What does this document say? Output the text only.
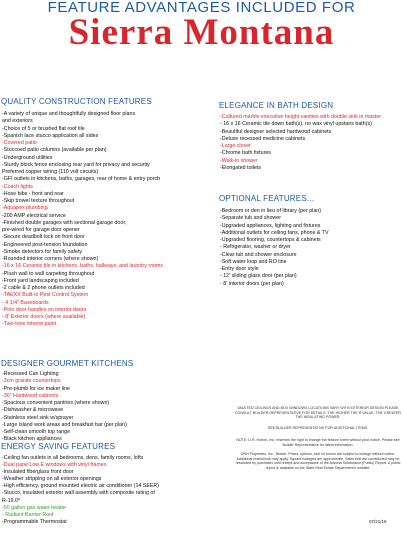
FEATURE ADVANTAGES INCLUDED FOR
Sierra Montana
QUALITY CONSTRUCTION FEATURES
-A variety of unique and thoughtfully designed floor plans
and exteriors
-Choice of 5 or brushed flat roof tile
-Spanish lace stucco application all sides
-Covered patio
-Stuccoed patio columns (available per plan)
-Underground utilities
-Sturdy block fence enclosing rear yard for privacy and security
Preferred copper wiring (110 volt circuits)
-GFI outlets in kitchens, baths, garages, rear of home & entry porch
-Coach lights
-Hose bibs - front and rear
-Skip trowel texture throughout
-Aquapex plumbing
-200 AMP electrical service
-Finished double garages with sectional garage door,
pre-wired for garage door opener
-Secure deadbolt lock on front door
-Engineered post-tension foundation
-Smoke detectors for family safety
-Rounded interior corners (where shown)
-16 x 16 Ceramic tile in kitchens, baths, hallways, and laundry rooms
-Plush wall to wall carpeting throughout
-Front yard landscaping included
-2 cable & 2 phone outlets included
-TAEXX Built-in Pest Control System
- 4 1/4" Baseboards
-Polo door handles on interior doors
- 8' Exterior doors (where available)
-Two-tone interior paint
DESIGNER GOURMET KITCHENS
-Recessed Can Lighting
-3cm granite countertops
-Pre-plumb for ice maker line
-36" Hardwood cabinets
-Spacious convenient pantries (where shown)
-Dishwasher & microwave
-Stainless steel sink w/sprayer
-Large island work areas and breakfast bar (per plan)
-Self-clean smooth top range
-Black kitchen appliances
ENERGY SAVING FEATURES
-Ceiling fan outlets in all bedrooms, dens, family rooms, lofts
-Dual pane Low E windows with vinyl frames
-Insulated fiberglass front door
-Weather stripping on all exterior openings
-High efficiency, ground mounted electric air conditioner (14 SEER)
-Stucco, insulated exterior wall assembly with composite rating of
R-19.0^
-50 gallon gas water heater
- Radiant Barrier Roof
-Programmable Thermostat
ELEGANCE IN BATH DESIGN
-Cultured marble executive height vanities with double sink in master
- 16 x 16 Ceramic tile down bath(s), no wax vinyl upstairs bath(s)
-Beautiful designer selected hardwood cabinets
-Deluxe recessed medicine cabinets
-Large closet
-Chrome bath fixtures
-Walk-in shower
-Elongated toilets
OPTIONAL FEATURES...
-Bedroom or den in lieu of library (per plan)
-Separate tub and shower
-Upgraded appliances, lighting and fixtures
-Additional outlets for ceiling fans, phone & TV
-Upgraded flooring, countertops & cabinets
- Refrigerator, washer or dryer
-Clear tub and shower enclosure
-Soft water loop and RO line
-Entry door style
- 12' sliding glass door (per plan)
- 8' interior doors (per plan)
VAULTED CEILINGS AND BOX WINDOWS LOCATIONS VARY WITH EXTERIOR DESIGN PLEASE CONSULT BUILDER REPRESENTATIVE FOR DETAILS. THE HIGHER THE R VALUE, THE GREATER THE INSULATING POWER.
SEE BUILDER REPRESENTATIVE FOR ADDITIONAL ITEMS.
NOTE: D.R. Horton, Inc. reserves the right to change the feature sheet without prior notice. Please see Builder Representative for latest information.
DRH Properties, Inc., Broker. Prices, options, and /or bonus are subject to change without notice. Additional restrictions may apply. Square footages are approximate. Sales that are conditioned may be rescinded by purchaser until receipt and acceptance of the Arizona Subdivision (Public) Report. A public report is available on the State Real Estate Department's website.
07/21/16
